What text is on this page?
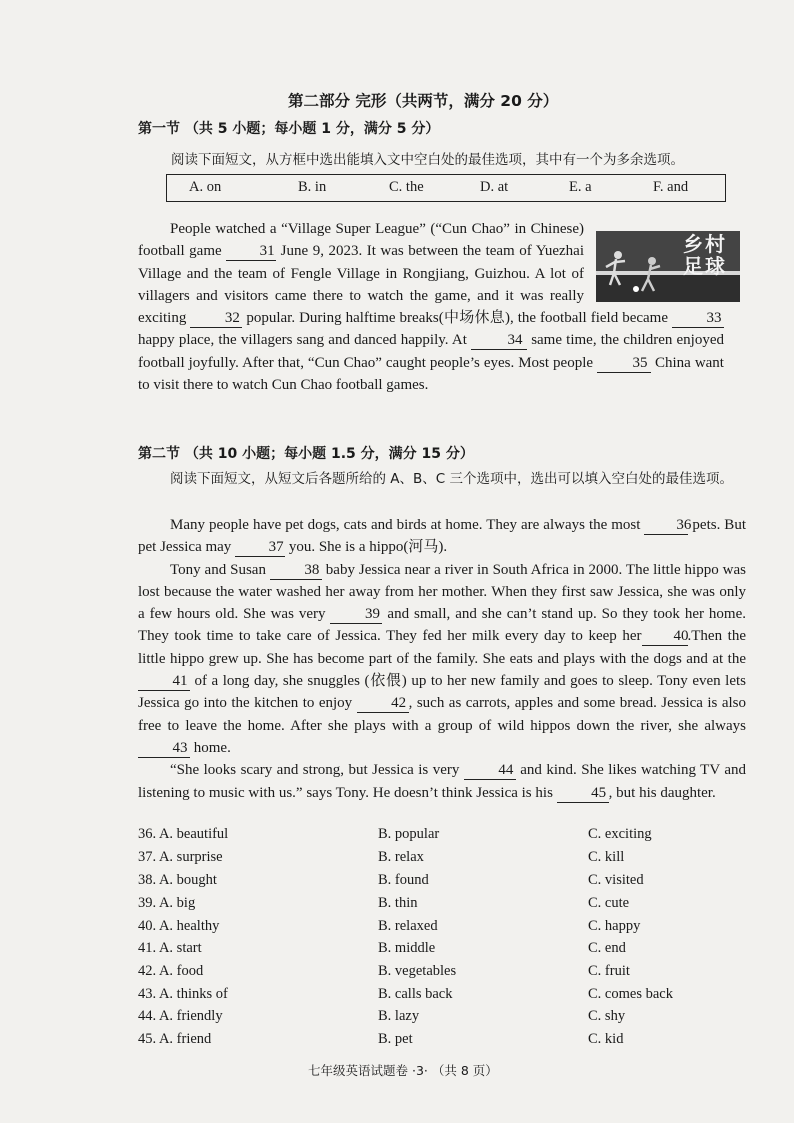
第二部分 完形（共两节，满分 20 分）
第一节 （共 5 小题；每小题 1 分，满分 5 分）
阅读下面短文，从方框中选出能填入文中空白处的最佳选项，其中有一个为多余选项。
A. on	B. in	C. the	D. at	E. a	F. and
乡村足球

People watched a “Village Super League” (“Cun Chao” in Chinese) football game 31 June 9, 2023. It was between the team of Yuezhai Village and the team of Fengle Village in Rongjiang, Guizhou. A lot of villagers and visitors came there to watch the game, and it was really exciting 32 popular. During halftime breaks(中场休息), the football field became 33 happy place, the villagers sang and danced happily. At 34 same time, the children enjoyed football joyfully. After that, “Cun Chao” caught people’s eyes. Most people 35 China want to visit there to watch Cun Chao football games.

第二节 （共 10 小题；每小题 1.5 分，满分 15 分）
阅读下面短文，从短文后各题所给的 A、B、C 三个选项中，选出可以填入空白处的最佳选项。

Many people have pet dogs, cats and birds at home. They are always the most 36 pets. But pet Jessica may 37 you. She is a hippo(河马).

Tony and Susan 38 baby Jessica near a river in South Africa in 2000. The little hippo was lost because the water washed her away from her mother. When they first saw Jessica, she was only a few hours old. She was very 39 and small, and she can’t stand up. So they took her home. They took time to take care of Jessica. They fed her milk every day to keep her 40.Then the little hippo grew up. She has become part of the family. She eats and plays with the dogs and at the 41 of a long day, she snuggles (依偎) up to her new family and goes to sleep. Tony even lets Jessica go into the kitchen to enjoy 42 , such as carrots, apples and some bread. Jessica is also free to leave the home. After she plays with a group of wild hippos down the river, she always 43 home.

“She looks scary and strong, but Jessica is very 44 and kind. She likes watching TV and listening to music with us.” says Tony. He doesn’t think Jessica is his 45 , but his daughter.

36. A. beautiful	B. popular	C. exciting
37. A. surprise	B. relax	C. kill
38. A. bought	B. found	C. visited
39. A. big	B. thin	C. cute
40. A. healthy	B. relaxed	C. happy
41. A. start	B. middle	C. end
42. A. food	B. vegetables	C. fruit
43. A. thinks of	B. calls back	C. comes back
44. A. friendly	B. lazy	C. shy
45. A. friend	B. pet	C. kid
七年级英语试题卷 ·3· （共 8 页）
